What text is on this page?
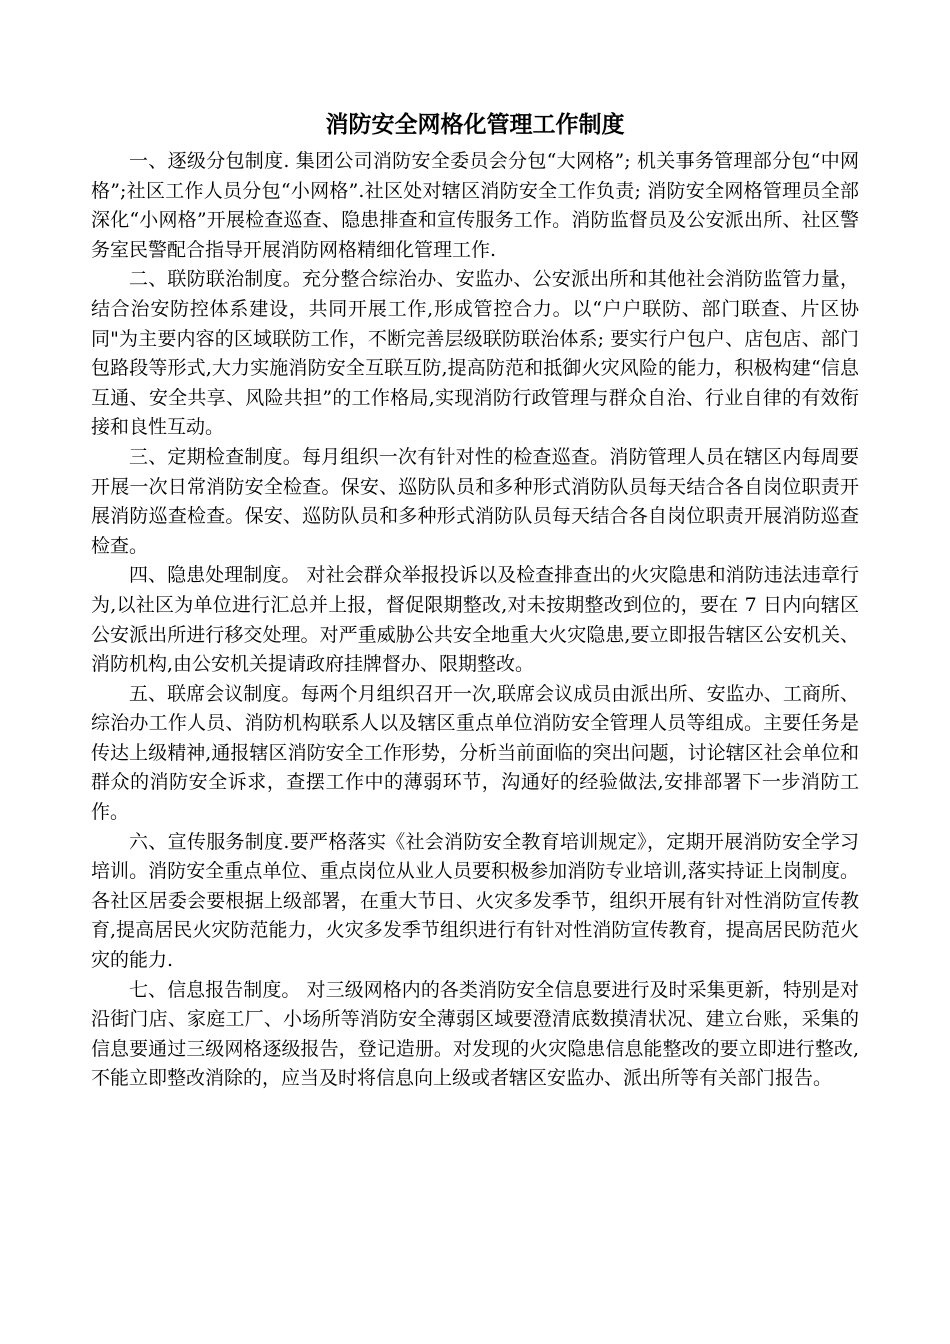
消防安全网格化管理工作制度

一、逐级分包制度. 集团公司消防安全委员会分包“大网格”; 机关事务管理部分包“中网格”;社区工作人员分包“小网格”.社区处对辖区消防安全工作负责; 消防安全网格管理员全部深化“小网格”开展检查巡查、隐患排查和宣传服务工作。消防监督员及公安派出所、社区警务室民警配合指导开展消防网格精细化管理工作.

二、联防联治制度。充分整合综治办、安监办、公安派出所和其他社会消防监管力量，结合治安防控体系建设，共同开展工作,形成管控合力。以“户户联防、部门联查、片区协同"为主要内容的区域联防工作，不断完善层级联防联治体系; 要实行户包户、店包店、部门包路段等形式,大力实施消防安全互联互防,提高防范和抵御火灾风险的能力，积极构建“信息互通、安全共享、风险共担”的工作格局,实现消防行政管理与群众自治、行业自律的有效衔接和良性互动。

三、定期检查制度。每月组织一次有针对性的检查巡查。消防管理人员在辖区内每周要开展一次日常消防安全检查。保安、巡防队员和多种形式消防队员每天结合各自岗位职责开展消防巡查检查。保安、巡防队员和多种形式消防队员每天结合各自岗位职责开展消防巡查检查。

四、隐患处理制度。 对社会群众举报投诉以及检查排查出的火灾隐患和消防违法违章行为,以社区为单位进行汇总并上报，督促限期整改,对未按期整改到位的，要在 7 日内向辖区公安派出所进行移交处理。对严重威胁公共安全地重大火灾隐患,要立即报告辖区公安机关、消防机构,由公安机关提请政府挂牌督办、限期整改。

五、联席会议制度。每两个月组织召开一次,联席会议成员由派出所、安监办、工商所、综治办工作人员、消防机构联系人以及辖区重点单位消防安全管理人员等组成。主要任务是传达上级精神,通报辖区消防安全工作形势，分析当前面临的突出问题，讨论辖区社会单位和群众的消防安全诉求，查摆工作中的薄弱环节，沟通好的经验做法,安排部署下一步消防工作。

六、宣传服务制度.要严格落实《社会消防安全教育培训规定》，定期开展消防安全学习培训。消防安全重点单位、重点岗位从业人员要积极参加消防专业培训,落实持证上岗制度。各社区居委会要根据上级部署，在重大节日、火灾多发季节，组织开展有针对性消防宣传教育,提高居民火灾防范能力，火灾多发季节组织进行有针对性消防宣传教育，提高居民防范火灾的能力.

七、信息报告制度。 对三级网格内的各类消防安全信息要进行及时采集更新，特别是对沿街门店、家庭工厂、小场所等消防安全薄弱区域要澄清底数摸清状况、建立台账，采集的信息要通过三级网格逐级报告，登记造册。对发现的火灾隐患信息能整改的要立即进行整改,不能立即整改消除的，应当及时将信息向上级或者辖区安监办、派出所等有关部门报告。
